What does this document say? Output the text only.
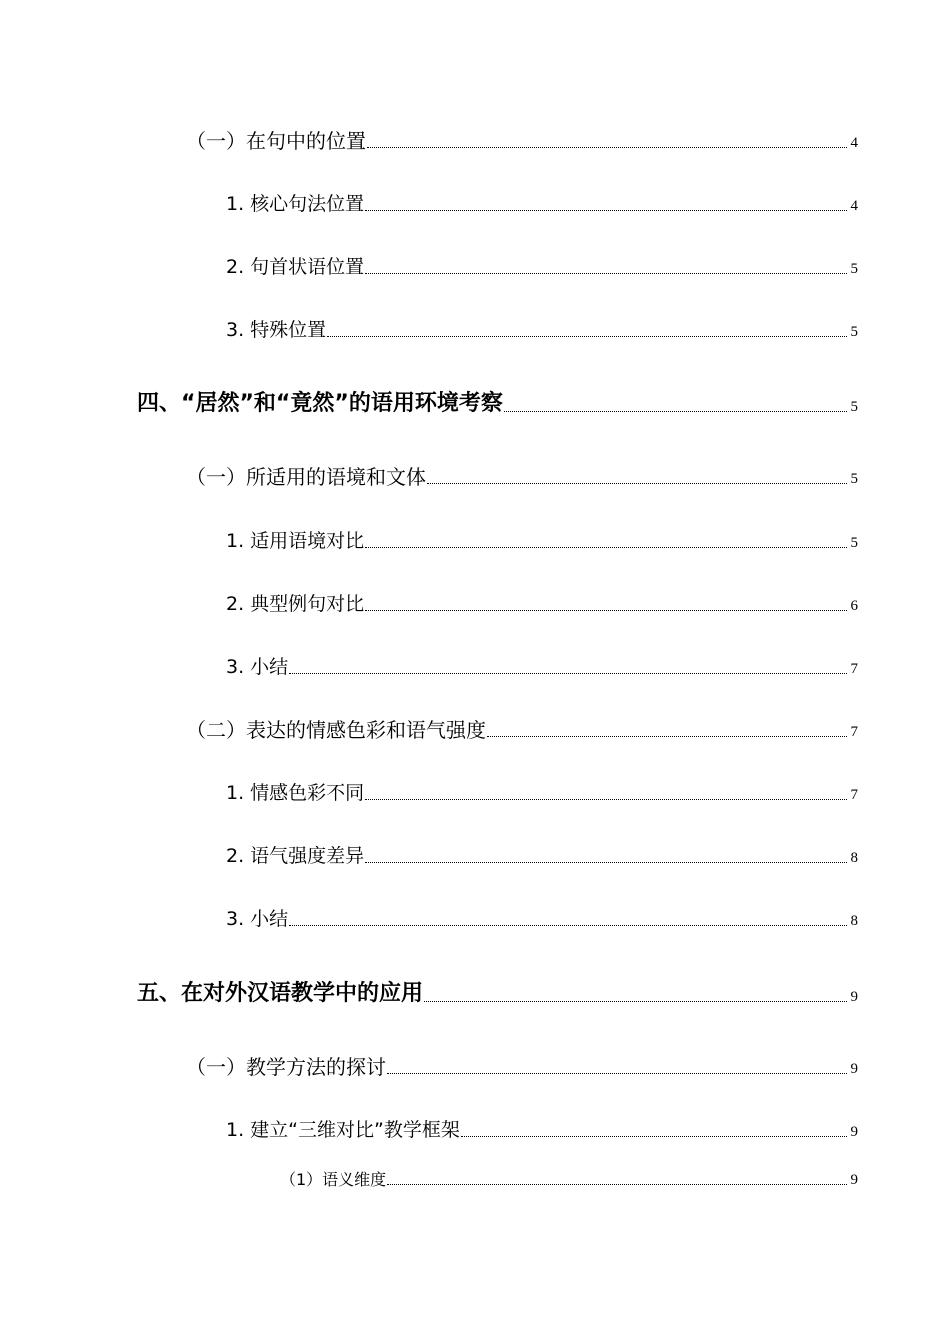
（一）在句中的位置	4
1. 核心句法位置	4
2. 句首状语位置	5
3. 特殊位置	5
四、“居然”和“竟然”的语用环境考察	5
（一）所适用的语境和文体	5
1. 适用语境对比	5
2. 典型例句对比	6
3. 小结	7
（二）表达的情感色彩和语气强度	7
1. 情感色彩不同	7
2. 语气强度差异	8
3. 小结	8
五、在对外汉语教学中的应用	9
（一）教学方法的探讨	9
1. 建立“三维对比”教学框架	9
（1）语义维度	9
